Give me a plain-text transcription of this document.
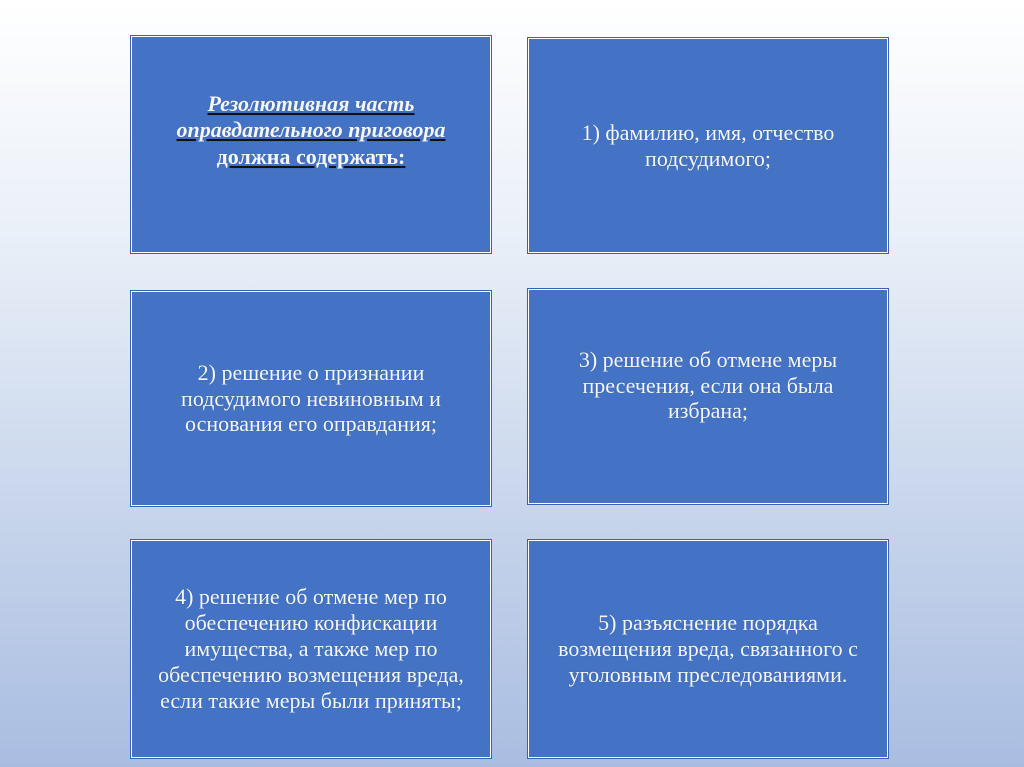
Резолютивная часть оправдательного приговора
должна содержать:
1) фамилию, имя, отчество подсудимого;
2) решение о признании подсудимого невиновным и основания его оправдания;
3) решение об отмене меры пресечения, если она была избрана;
4) решение об отмене мер по обеспечению конфискации имущества, а также мер по обеспечению возмещения вреда, если такие меры были приняты;
5) разъяснение порядка возмещения вреда, связанного с уголовным преследованиями.
